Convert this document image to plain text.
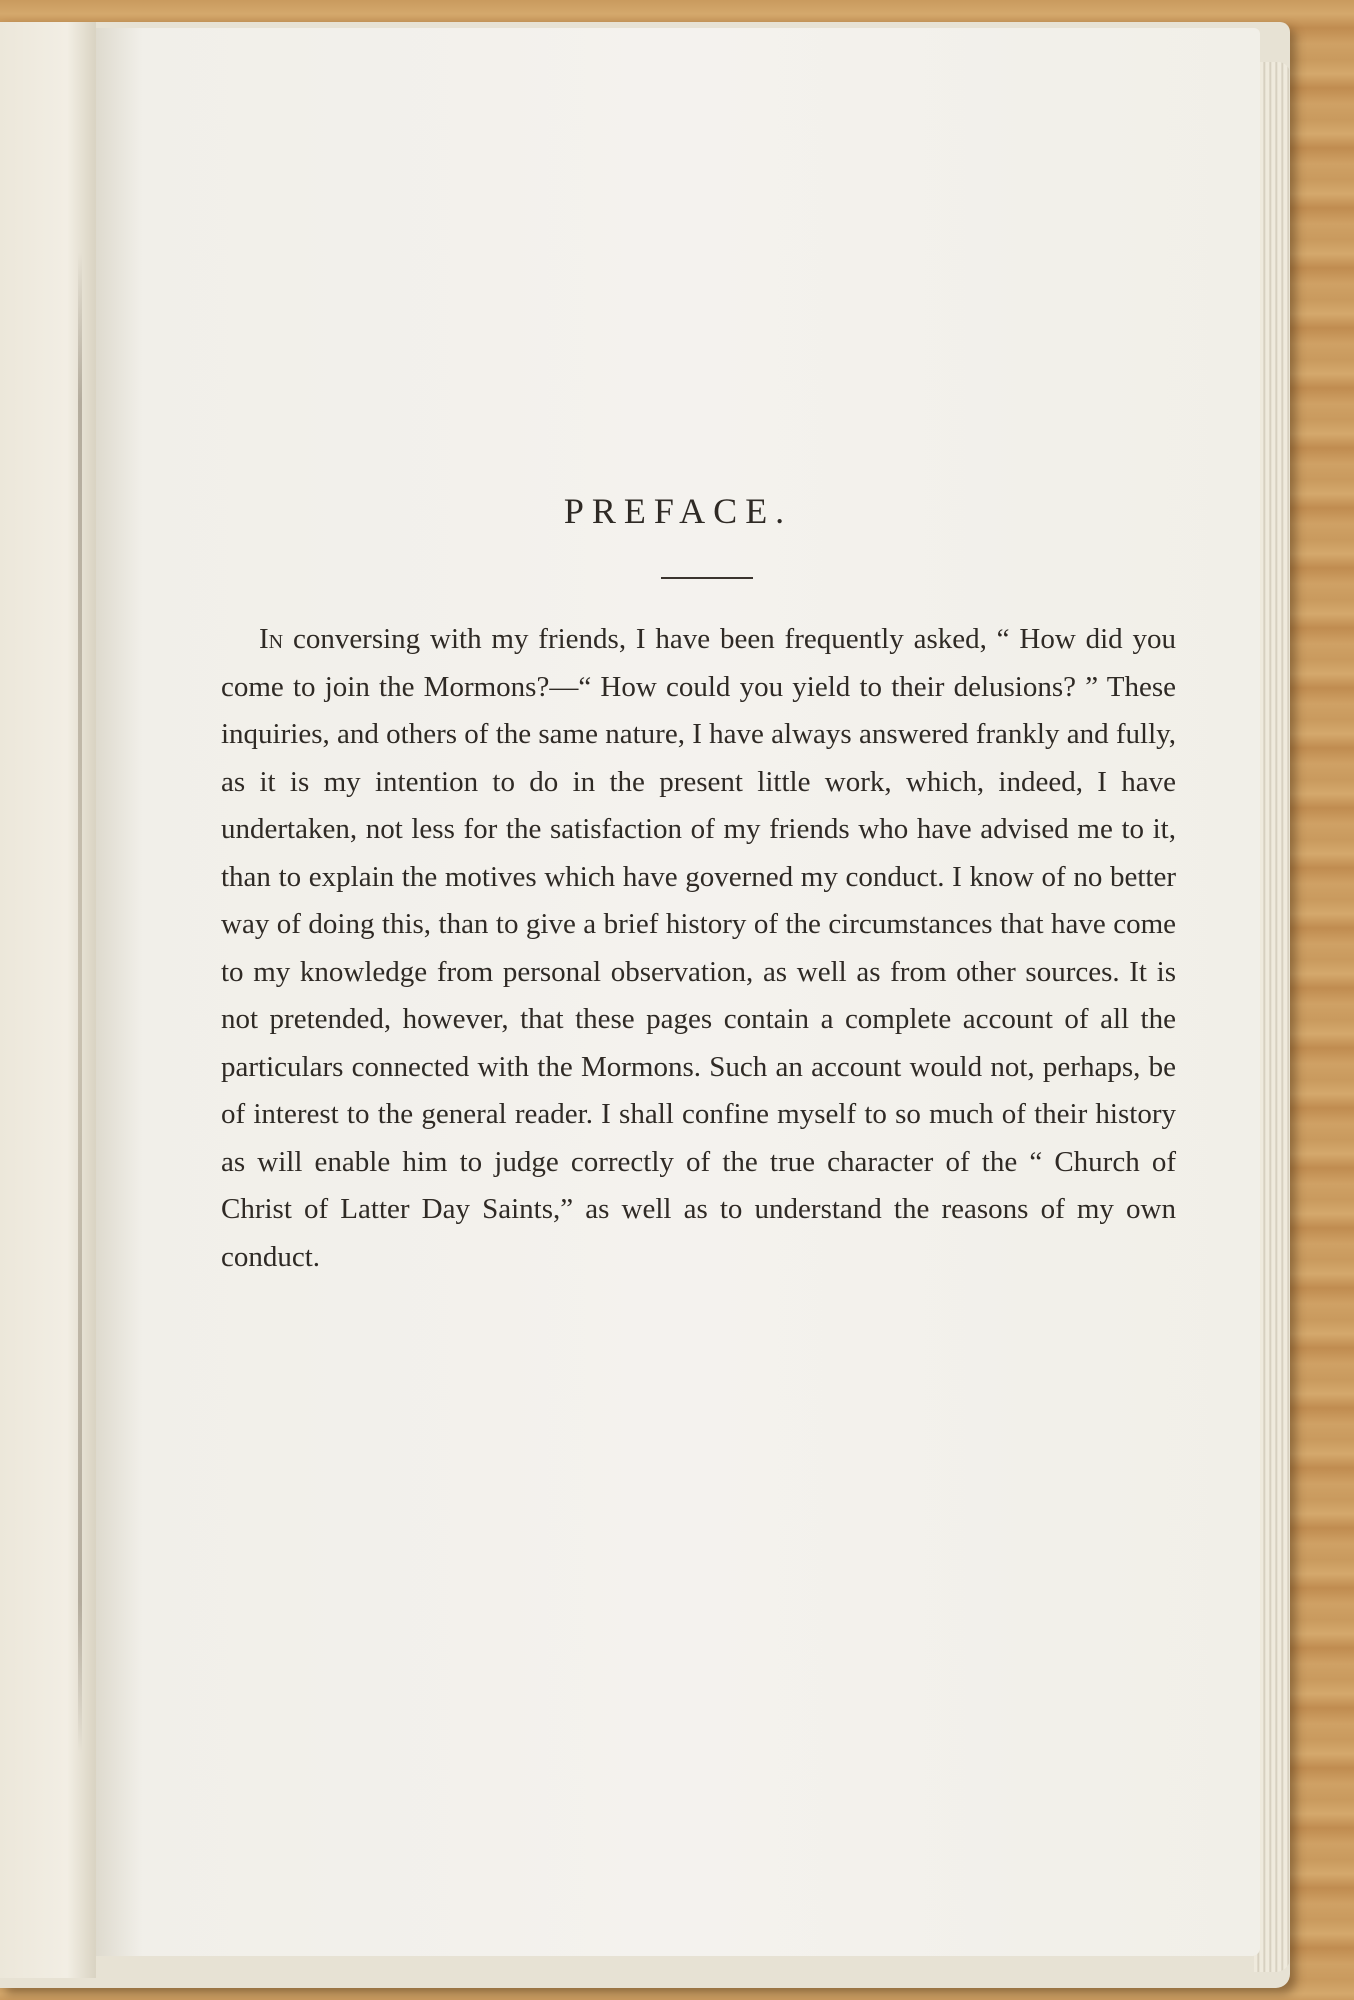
PREFACE.

In conversing with my friends, I have been frequently asked, “ How did you come to join the Mormons?—“ How could you yield to their delusions? ” These inquiries, and others of the same nature, I have always answered frankly and fully, as it is my intention to do in the present little work, which, indeed, I have undertaken, not less for the satisfaction of my friends who have advised me to it, than to explain the motives which have governed my conduct. I know of no better way of doing this, than to give a brief history of the circumstances that have come to my knowledge from personal observation, as well as from other sources. It is not pretended, however, that these pages contain a complete account of all the particulars connected with the Mormons. Such an account would not, perhaps, be of interest to the general reader. I shall confine myself to so much of their history as will enable him to judge correctly of the true character of the “ Church of Christ of Latter Day Saints,” as well as to understand the reasons of my own conduct.
